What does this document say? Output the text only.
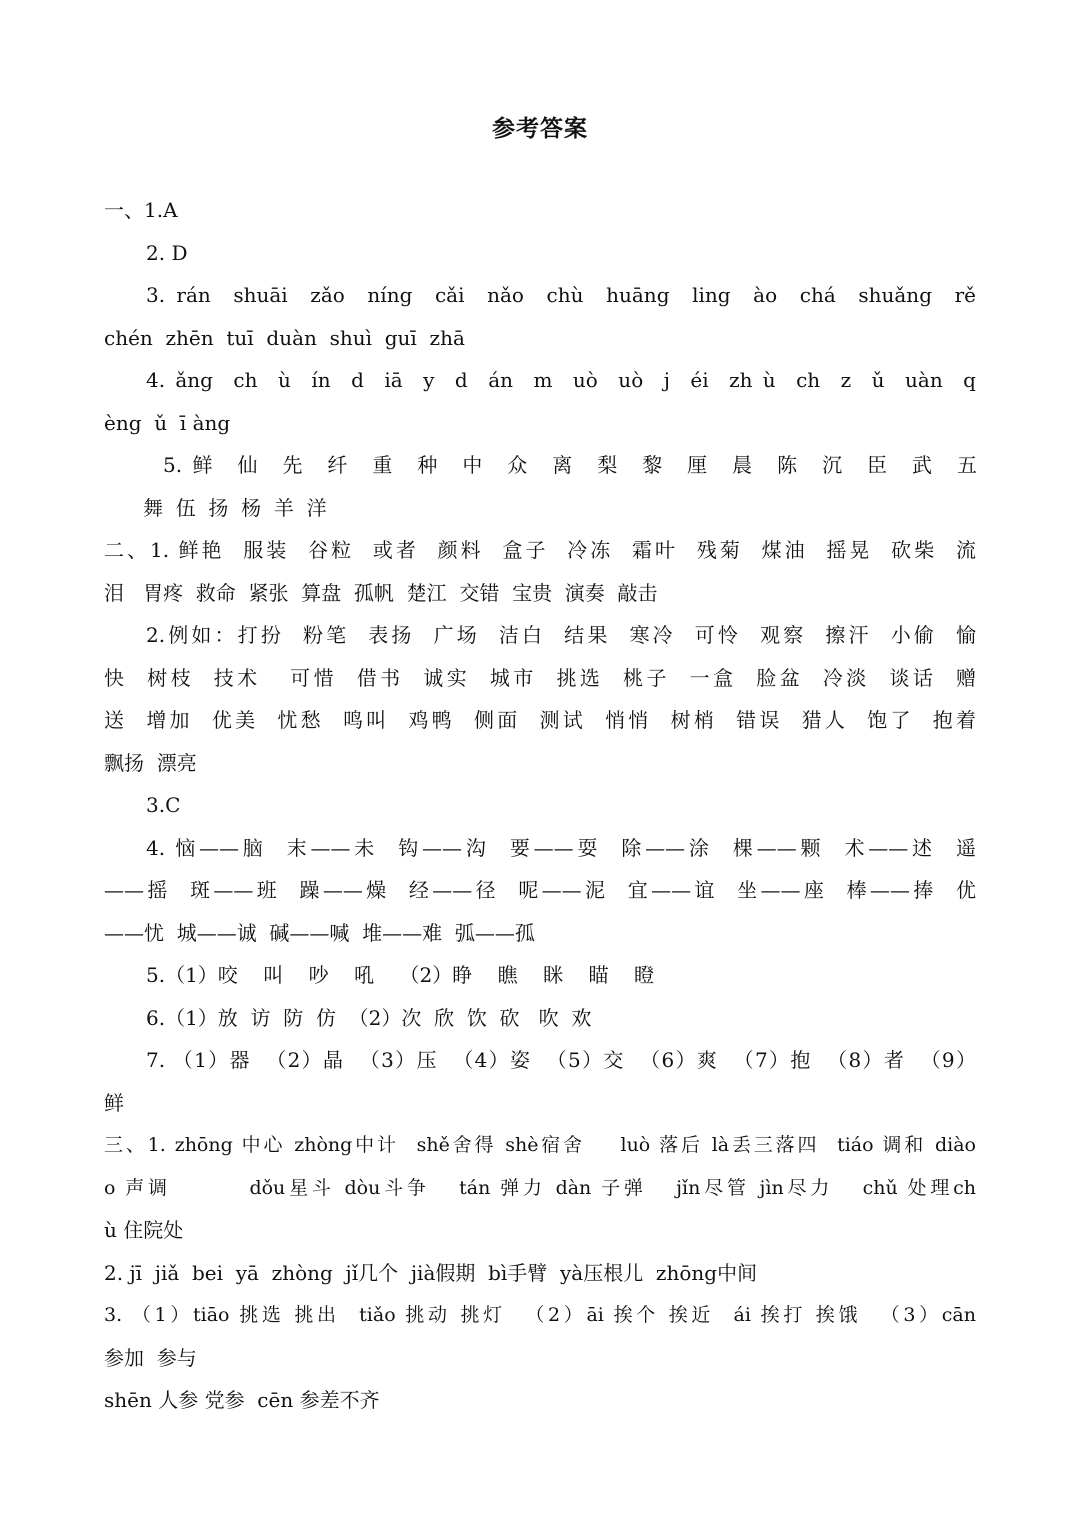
参考答案
一、1.A
2. D
3. rán  shuāi  zǎo  níng  cǎi  nǎo  chù  huāng  ling  ào  chá  shuǎng  rě
chén  zhēn  tuī  duàn  shuì  guī  zhā
4. ǎng  ch  ù  ín  d  iā  y  d  án  m  uò  uò  j  éi  zh ù  ch  z  ǔ  uàn  q
èng  ǔ  ī àng
5. 鲜  仙  先  纤  重  种  中  众  离  梨  黎  厘  晨  陈  沉  臣  武  五
舞  伍  扬  杨  羊  洋
二、1. 鲜艳  服装  谷粒  或者  颜料  盒子  冷冻  霜叶  残菊  煤油  摇晃  砍柴  流
泪   胃疼  救命  紧张  算盘  孤帆  楚江  交错  宝贵  演奏  敲击
2.例如：打扮  粉笔  表扬  广场  洁白  结果  寒冷  可怜  观察  擦汗  小偷  愉
快  树枝  技术   可惜  借书  诚实  城市  挑选  桃子  一盒  脸盆  冷淡  谈话  赠
送  增加  优美  忧愁  鸣叫  鸡鸭  侧面  测试  悄悄  树梢  错误  猎人  饱了  抱着
飘扬  漂亮
3.C
4. 恼——脑  末——未  钩——沟  要——耍  除——涂  棵——颗  术——述  遥
——摇  斑——班  躁——燥  经——径  呢——泥  宜——谊  坐——座  棒——捧  优
——忧  城——诚  碱——喊  堆——难  弧——孤
5.（1）咬    叫    吵    吼    （2）睁    瞧    眯    瞄    瞪
6.（1）放  访  防  仿  （2）次  欣  饮  砍   吹  欢
7. （1）器  （2）晶  （3）压  （4）姿  （5）交  （6）爽  （7）抱  （8）者  （9）
鲜
三、1. zhōng 中心 zhòng中计  shě舍得 shè宿舍    luò 落后 là丢三落四  tiáo 调和 diào
o 声调        dǒu星斗 dòu斗争   tán 弹力 dàn 子弹   jǐn尽管 jìn尽力   chǔ 处理ch
ù 住院处
2. jī  jiǎ  bei  yā  zhòng  jǐ几个  jià假期  bì手臂  yà压根儿  zhōng中间
3. （1）tiāo 挑选 挑出  tiǎo 挑动 挑灯  （2）āi 挨个 挨近  ái 挨打 挨饿  （3）cān
参加  参与
shēn 人参 党参  cēn 参差不齐
